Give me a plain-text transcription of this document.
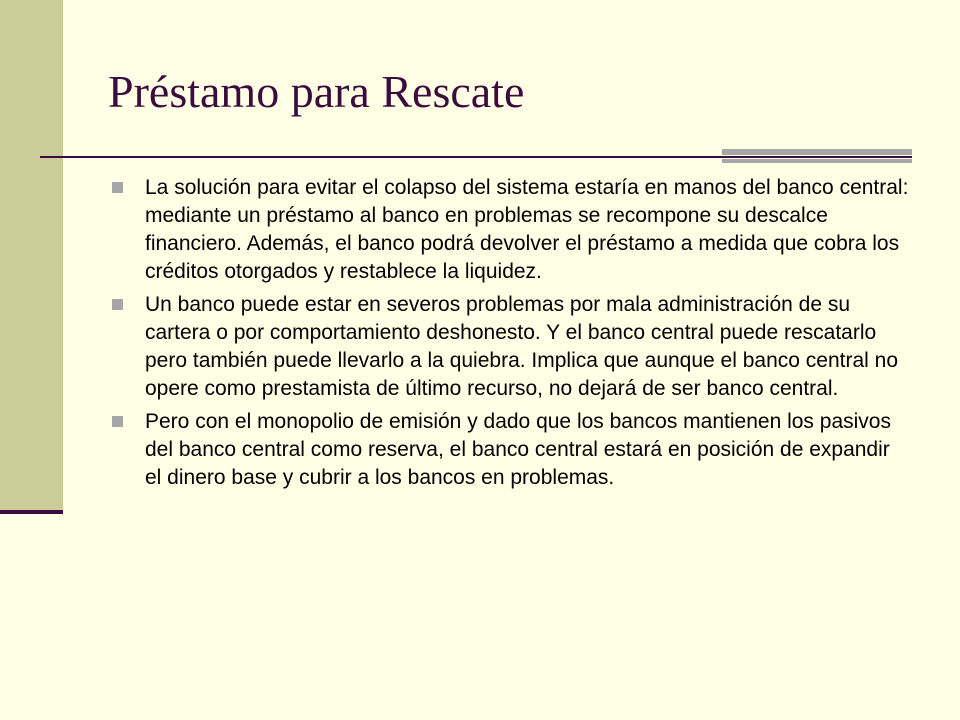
Préstamo para Rescate
La solución para evitar el colapso del sistema estaría en manos del banco central: mediante un préstamo al banco en problemas se recompone su descalce financiero. Además, el banco podrá devolver el préstamo a medida que cobra los créditos otorgados y restablece la liquidez.
Un banco puede estar en severos problemas por mala administración de su cartera o por comportamiento deshonesto. Y el banco central puede rescatarlo pero también puede llevarlo a la quiebra. Implica que aunque el banco central no opere como prestamista de último recurso, no dejará de ser banco central.
Pero con el monopolio de emisión y dado que los bancos mantienen los pasivos del banco central como reserva, el banco central estará en posición de expandir el dinero base y cubrir a los bancos en problemas.
